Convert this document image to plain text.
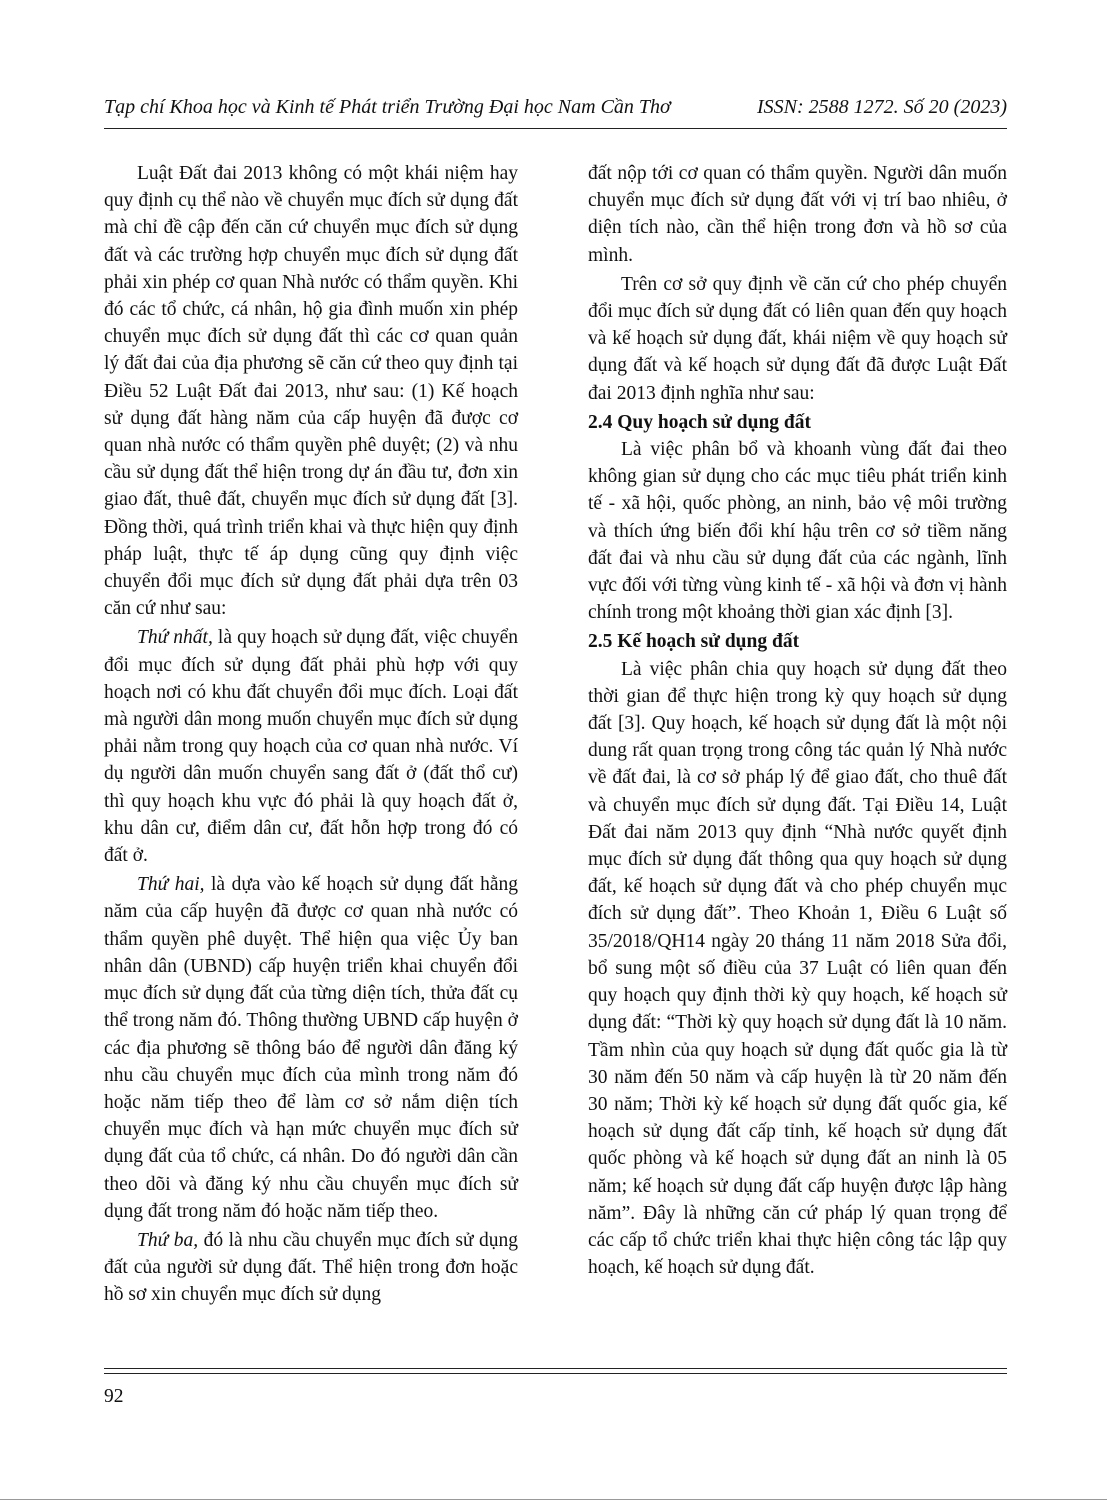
Tạp chí Khoa học và Kinh tế Phát triển Trường Đại học Nam Cần Thơ	ISSN: 2588 1272. Số 20 (2023)

Luật Đất đai 2013 không có một khái niệm hay quy định cụ thể nào về chuyển mục đích sử dụng đất mà chỉ đề cập đến căn cứ chuyển mục đích sử dụng đất và các trường hợp chuyển mục đích sử dụng đất phải xin phép cơ quan Nhà nước có thẩm quyền. Khi đó các tổ chức, cá nhân, hộ gia đình muốn xin phép chuyển mục đích sử dụng đất thì các cơ quan quản lý đất đai của địa phương sẽ căn cứ theo quy định tại Điều 52 Luật Đất đai 2013, như sau: (1) Kế hoạch sử dụng đất hàng năm của cấp huyện đã được cơ quan nhà nước có thẩm quyền phê duyệt; (2) và nhu cầu sử dụng đất thể hiện trong dự án đầu tư, đơn xin giao đất, thuê đất, chuyển mục đích sử dụng đất [3]. Đồng thời, quá trình triển khai và thực hiện quy định pháp luật, thực tế áp dụng cũng quy định việc chuyển đổi mục đích sử dụng đất phải dựa trên 03 căn cứ như sau:

Thứ nhất, là quy hoạch sử dụng đất, việc chuyển đổi mục đích sử dụng đất phải phù hợp với quy hoạch nơi có khu đất chuyển đổi mục đích. Loại đất mà người dân mong muốn chuyển mục đích sử dụng phải nằm trong quy hoạch của cơ quan nhà nước. Ví dụ người dân muốn chuyển sang đất ở (đất thổ cư) thì quy hoạch khu vực đó phải là quy hoạch đất ở, khu dân cư, điểm dân cư, đất hỗn hợp trong đó có đất ở.

Thứ hai, là dựa vào kế hoạch sử dụng đất hằng năm của cấp huyện đã được cơ quan nhà nước có thẩm quyền phê duyệt. Thể hiện qua việc Ủy ban nhân dân (UBND) cấp huyện triển khai chuyển đổi mục đích sử dụng đất của từng diện tích, thửa đất cụ thể trong năm đó. Thông thường UBND cấp huyện ở các địa phương sẽ thông báo để người dân đăng ký nhu cầu chuyển mục đích của mình trong năm đó hoặc năm tiếp theo để làm cơ sở nắm diện tích chuyển mục đích và hạn mức chuyển mục đích sử dụng đất của tổ chức, cá nhân. Do đó người dân cần theo dõi và đăng ký nhu cầu chuyển mục đích sử dụng đất trong năm đó hoặc năm tiếp theo.

Thứ ba, đó là nhu cầu chuyển mục đích sử dụng đất của người sử dụng đất. Thể hiện trong đơn hoặc hồ sơ xin chuyển mục đích sử dụng

đất nộp tới cơ quan có thẩm quyền. Người dân muốn chuyển mục đích sử dụng đất với vị trí bao nhiêu, ở diện tích nào, cần thể hiện trong đơn và hồ sơ của mình.

Trên cơ sở quy định về căn cứ cho phép chuyển đổi mục đích sử dụng đất có liên quan đến quy hoạch và kế hoạch sử dụng đất, khái niệm về quy hoạch sử dụng đất và kế hoạch sử dụng đất đã được Luật Đất đai 2013 định nghĩa như sau:

2.4 Quy hoạch sử dụng đất

Là việc phân bổ và khoanh vùng đất đai theo không gian sử dụng cho các mục tiêu phát triển kinh tế - xã hội, quốc phòng, an ninh, bảo vệ môi trường và thích ứng biến đổi khí hậu trên cơ sở tiềm năng đất đai và nhu cầu sử dụng đất của các ngành, lĩnh vực đối với từng vùng kinh tế - xã hội và đơn vị hành chính trong một khoảng thời gian xác định [3].

2.5 Kế hoạch sử dụng đất

Là việc phân chia quy hoạch sử dụng đất theo thời gian để thực hiện trong kỳ quy hoạch sử dụng đất [3]. Quy hoạch, kế hoạch sử dụng đất là một nội dung rất quan trọng trong công tác quản lý Nhà nước về đất đai, là cơ sở pháp lý để giao đất, cho thuê đất và chuyển mục đích sử dụng đất. Tại Điều 14, Luật Đất đai năm 2013 quy định “Nhà nước quyết định mục đích sử dụng đất thông qua quy hoạch sử dụng đất, kế hoạch sử dụng đất và cho phép chuyển mục đích sử dụng đất”. Theo Khoản 1, Điều 6 Luật số 35/2018/QH14 ngày 20 tháng 11 năm 2018 Sửa đổi, bổ sung một số điều của 37 Luật có liên quan đến quy hoạch quy định thời kỳ quy hoạch, kế hoạch sử dụng đất: “Thời kỳ quy hoạch sử dụng đất là 10 năm. Tầm nhìn của quy hoạch sử dụng đất quốc gia là từ 30 năm đến 50 năm và cấp huyện là từ 20 năm đến 30 năm; Thời kỳ kế hoạch sử dụng đất quốc gia, kế hoạch sử dụng đất cấp tỉnh, kế hoạch sử dụng đất quốc phòng và kế hoạch sử dụng đất an ninh là 05 năm; kế hoạch sử dụng đất cấp huyện được lập hàng năm”. Đây là những căn cứ pháp lý quan trọng để các cấp tổ chức triển khai thực hiện công tác lập quy hoạch, kế hoạch sử dụng đất.

92
